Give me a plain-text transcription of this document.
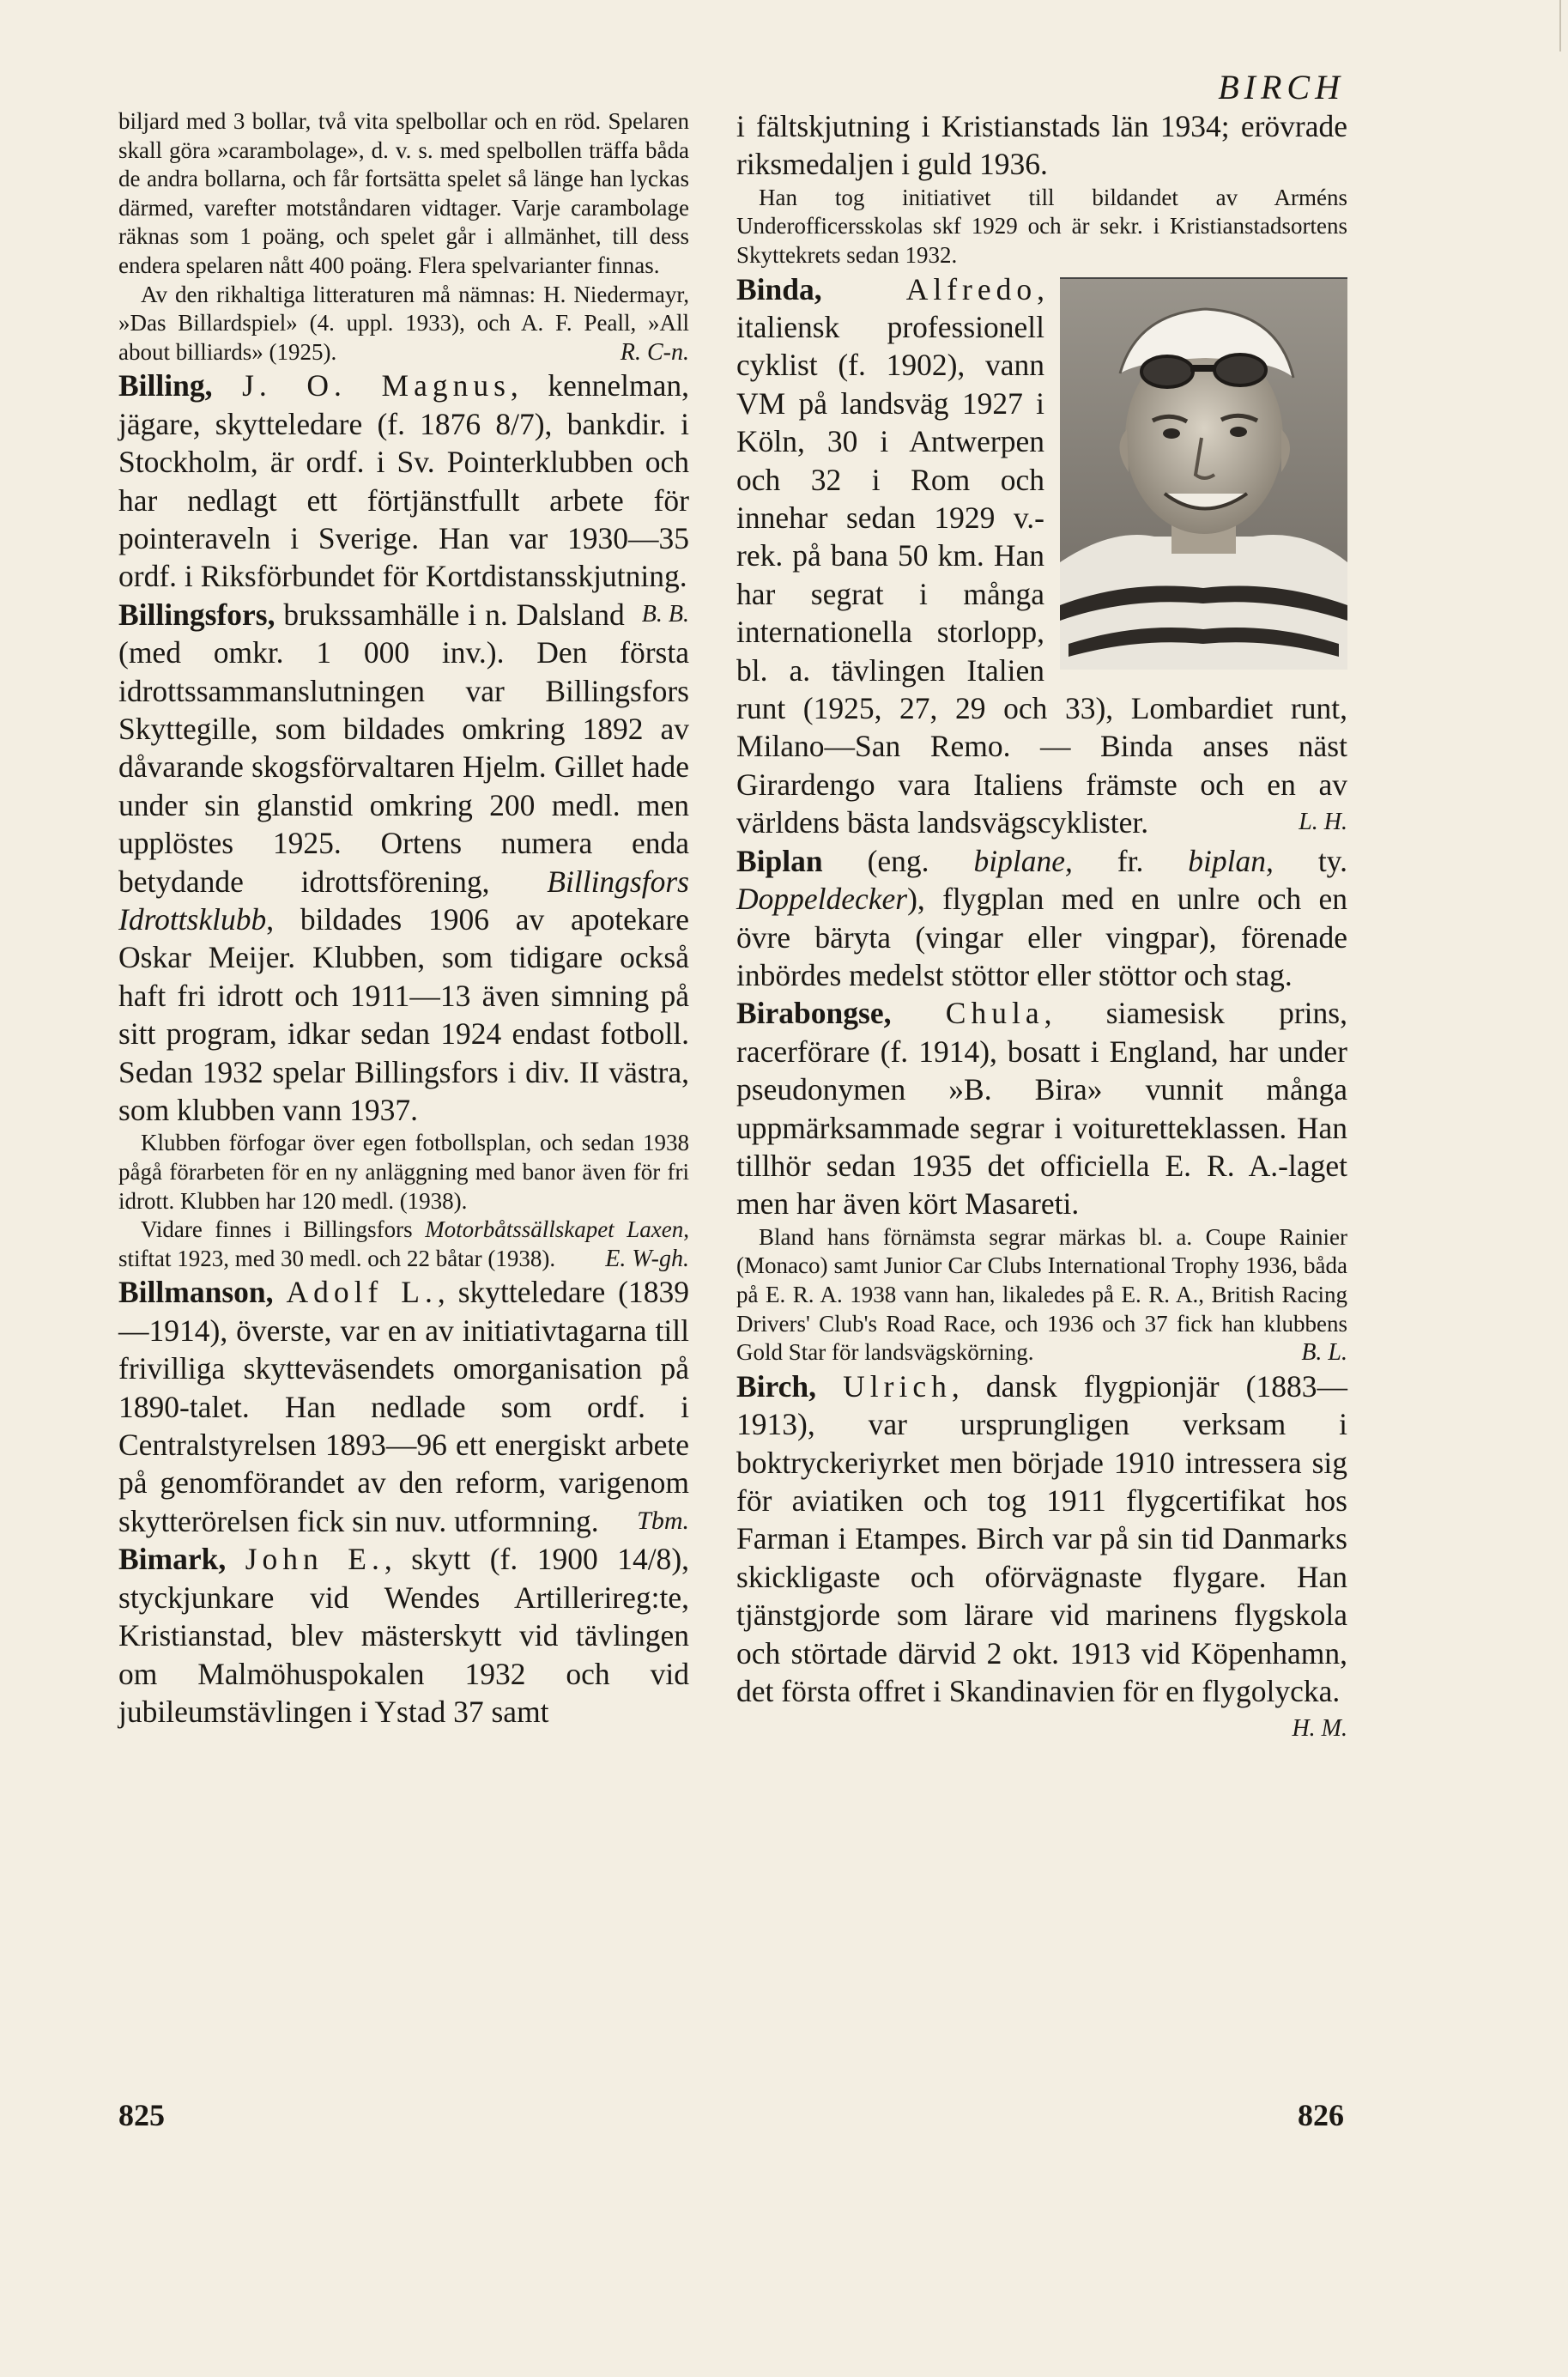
BIRCH

biljard med 3 bollar, två vita spelbollar och en röd. Spelaren skall göra »carambolage», d. v. s. med spelbollen träffa båda de andra bollarna, och får fortsätta spelet så länge han lyckas därmed, varefter motståndaren vidtager. Varje carambolage räknas som 1 poäng, och spelet går i allmänhet, till dess endera spelaren nått 400 poäng. Flera spelvarianter finnas.

Av den rikhaltiga litteraturen må nämnas: H. Niedermayr, »Das Billardspiel» (4. uppl. 1933), och A. F. Peall, »All about billiards» (1925).	R. C-n.

Billing, J. O. Magnus, kennelman, jägare, skytteledare (f. 1876 8/7), bankdir. i Stockholm, är ordf. i Sv. Pointerklubben och har nedlagt ett förtjänstfullt arbete för pointeraveln i Sverige. Han var 1930—35 ordf. i Riksförbundet för Kortdistansskjutning.
B. B.

Billingsfors, brukssamhälle i n. Dalsland (med omkr. 1 000 inv.). Den första idrottssammanslutningen var Billingsfors Skyttegille, som bildades omkring 1892 av dåvarande skogsförvaltaren Hjelm. Gillet hade under sin glanstid omkring 200 medl. men upplöstes 1925. Ortens numera enda betydande idrottsförening, Billingsfors Idrottsklubb, bildades 1906 av apotekare Oskar Meijer. Klubben, som tidigare också haft fri idrott och 1911—13 även simning på sitt program, idkar sedan 1924 endast fotboll. Sedan 1932 spelar Billingsfors i div. II västra, som klubben vann 1937.

Klubben förfogar över egen fotbollsplan, och sedan 1938 pågå förarbeten för en ny anläggning med banor även för fri idrott. Klubben har 120 medl. (1938).

Vidare finnes i Billingsfors Motorbåtssällskapet Laxen, stiftat 1923, med 30 medl. och 22 båtar (1938).	E. W-gh.

Billmanson, Adolf L., skytteledare (1839—1914), överste, var en av initiativtagarna till frivilliga skytteväsendets omorganisation på 1890-talet. Han nedlade som ordf. i Centralstyrelsen 1893—96 ett energiskt arbete på genomförandet av den reform, varigenom skytterörelsen fick sin nuv. utformning. Tbm.

Bimark, John E., skytt (f. 1900 14/8), styckjunkare vid Wendes Artillerireg:te, Kristianstad, blev mästerskytt vid tävlingen om Malmöhuspokalen 1932 och vid jubileumstävlingen i Ystad 37 samt

i fältskjutning i Kristianstads län 1934; erövrade riksmedaljen i guld 1936.

Han tog initiativet till bildandet av Arméns Underofficersskolas skf 1929 och är sekr. i Kristianstadsortens Skyttekrets sedan 1932.

Binda,	Alfredo, italiensk professionell cyklist (f. 1902), vann VM på landsväg 1927 i Köln, 30 i Antwerpen och 32 i Rom och innehar sedan 1929 v.-rek. på bana 50 km. Han har segrat i många internationella storlopp, bl. a. tävlingen Italien runt (1925, 27, 29 och 33), Lombardiet runt, Milano—San Remo. — Binda anses näst Girardengo vara Italiens främste och en av världens bästa landsvägscyklister.	L. H.

Biplan (eng. biplane, fr. biplan, ty. Doppeldecker), flygplan med en unlre och en övre bäryta (vingar eller vingpar), förenade inbördes medelst stöttor eller stöttor och stag.

Birabongse, Chula, siamesisk prins, racerförare (f. 1914), bosatt i England, har under pseudonymen »B. Bira» vunnit många uppmärksammade segrar i voituretteklassen. Han tillhör sedan 1935 det officiella E. R. A.-laget men har även kört Masareti.

Bland hans förnämsta segrar märkas bl. a. Coupe Rainier (Monaco) samt Junior Car Clubs International Trophy 1936, båda på E. R. A. 1938 vann han, likaledes på E. R. A., British Racing Drivers' Club's Road Race, och 1936 och 37 fick han klubbens Gold Star för landsvägskörning.	B. L.

Birch, Ulrich, dansk flygpionjär (1883—1913), var ursprungligen verksam i boktryckeriyrket men började 1910 intressera sig för aviatiken och tog 1911 flygcertifikat hos Farman i Etampes. Birch var på sin tid Danmarks skickligaste och oförvägnaste flygare. Han tjänstgjorde som lärare vid marinens flygskola och störtade därvid 2 okt. 1913 vid Köpenhamn, det första offret i Skandinavien för en flygolycka.
H. M.

825	826
